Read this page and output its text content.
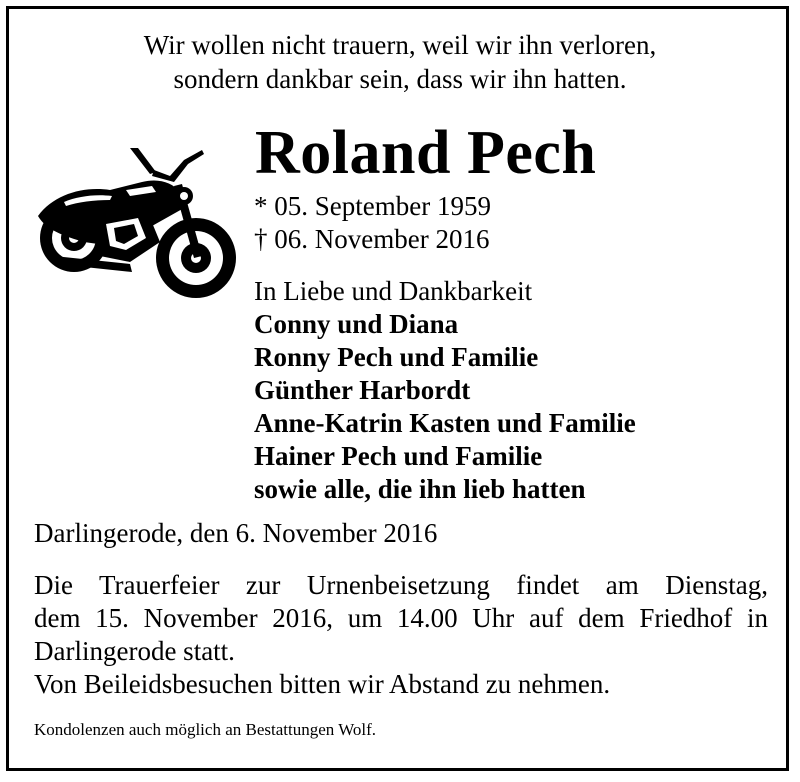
Wir wollen nicht trauern, weil wir ihn verloren,
sondern dankbar sein, dass wir ihn hatten.
Roland Pech
* 05. September 1959
† 06. November 2016
In Liebe und Dankbarkeit
Conny und Diana
Ronny Pech und Familie
Günther Harbordt
Anne-Katrin Kasten und Familie
Hainer Pech und Familie
sowie alle, die ihn lieb hatten
Darlingerode, den 6. November 2016
Die Trauerfeier zur Urnenbeisetzung findet am Dienstag,
dem 15. November 2016, um 14.00 Uhr auf dem Friedhof in
Darlingerode statt.
Von Beileidsbesuchen bitten wir Abstand zu nehmen.
Kondolenzen auch möglich an Bestattungen Wolf.
